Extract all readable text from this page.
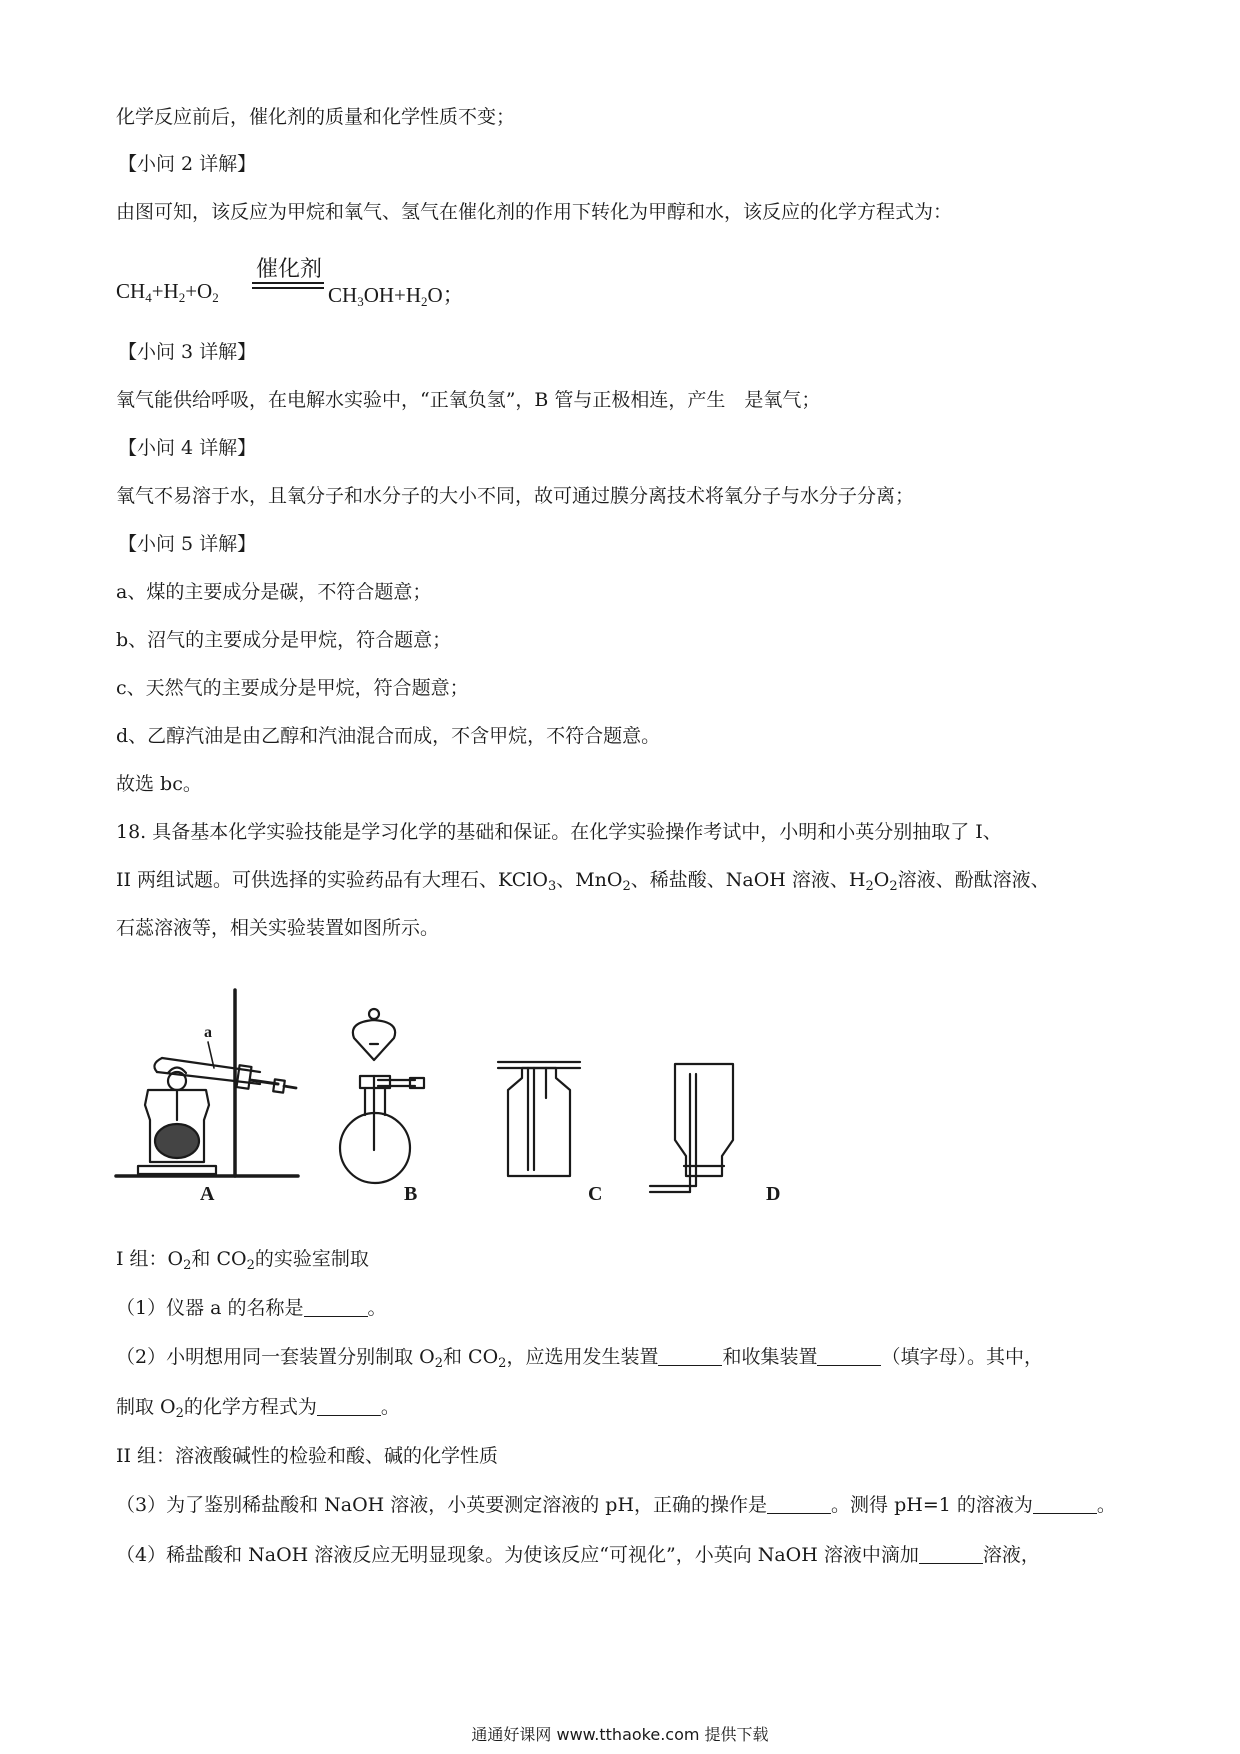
化学反应前后，催化剂的质量和化学性质不变；
【小问 2 详解】
由图可知，该反应为甲烷和氧气、氢气在催化剂的作用下转化为甲醇和水，该反应的化学方程式为：
催化剂
$CH_4+H_2+O_2$	$CH_3OH+H_2O$；
【小问 3 详解】
氧气能供给呼吸，在电解水实验中，“正氧负氢”，B 管与正极相连，产生　是氧气；
【小问 4 详解】
氧气不易溶于水，且氧分子和水分子的大小不同，故可通过膜分离技术将氧分子与水分子分离；
【小问 5 详解】
a、煤的主要成分是碳，不符合题意；
b、沼气的主要成分是甲烷，符合题意；
c、天然气的主要成分是甲烷，符合题意；
d、乙醇汽油是由乙醇和汽油混合而成，不含甲烷，不符合题意。
故选 bc。
18. 具备基本化学实验技能是学习化学的基础和保证。在化学实验操作考试中，小明和小英分别抽取了 I、
II 两组试题。可供选择的实验药品有大理石、KClO$_3$、MnO$_2$、稀盐酸、NaOH 溶液、$H_2O_2$溶液、酚酞溶液、
石蕊溶液等，相关实验装置如图所示。
a
A	B	C	D
I 组：$O_2$和 $CO_2$的实验室制取
（1）仪器 a 的名称是	。
（2）小明想用同一套装置分别制取 $O_2$和 $CO_2$，应选用发生装置	和收集装置	（填字母）。其中，
制取 $O_2$的化学方程式为	。
II 组：溶液酸碱性的检验和酸、碱的化学性质
（3）为了鉴别稀盐酸和 NaOH 溶液，小英要测定溶液的 pH，正确的操作是	。测得 pH=1 的溶液为	。
（4）稀盐酸和 NaOH 溶液反应无明显现象。为使该反应“可视化”，小英向 NaOH 溶液中滴加	溶液，
通通好课网 www.tthaoke.com 提供下载
